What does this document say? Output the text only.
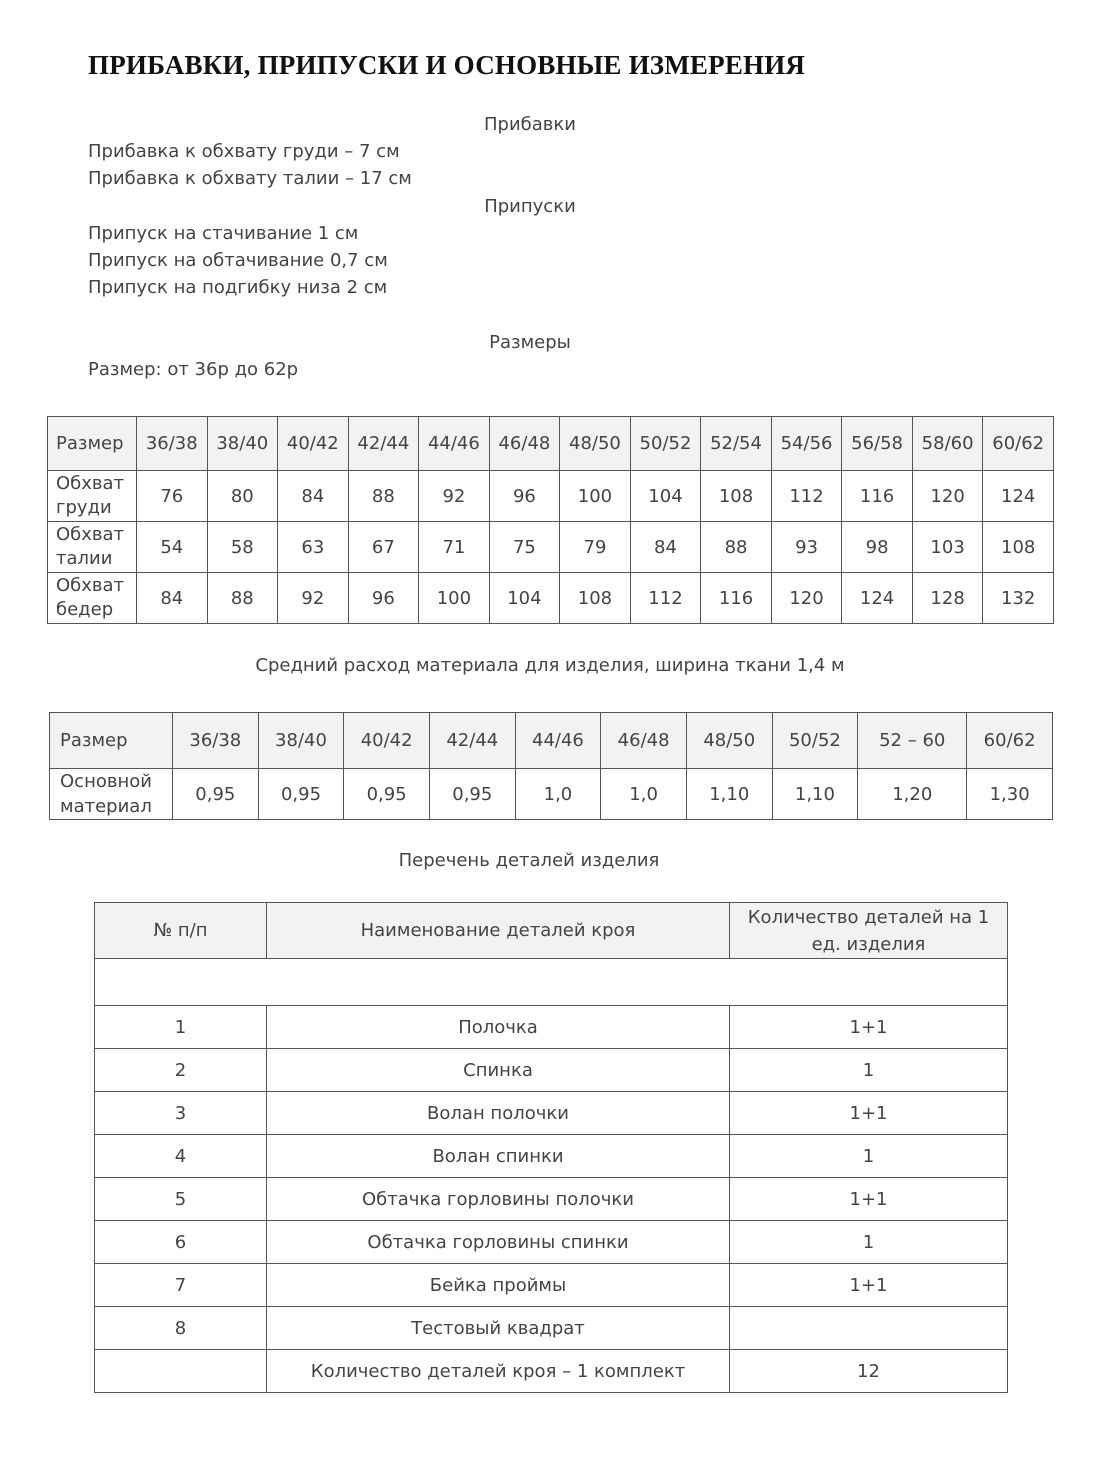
ПРИБАВКИ, ПРИПУСКИ И ОСНОВНЫЕ ИЗМЕРЕНИЯ
Прибавки
Прибавка к обхвату груди – 7 см
Прибавка к обхвату талии – 17 см
Припуски
Припуск на стачивание 1 см
Припуск на обтачивание 0,7 см
Припуск на подгибку низа 2 см
Размеры
Размер: от 36р до 62р
Размер	36/38	38/40	40/42	42/44	44/46	46/48	48/50	50/52	52/54	54/56	56/58	58/60	60/62
Обхват
груди	76	80	84	88	92	96	100	104	108	112	116	120	124
Обхват
талии	54	58	63	67	71	75	79	84	88	93	98	103	108
Обхват
бедер	84	88	92	96	100	104	108	112	116	120	124	128	132
Средний расход материала для изделия, ширина ткани 1,4 м
Размер	36/38	38/40	40/42	42/44	44/46	46/48	48/50	50/52	52 – 60	60/62
Основной
материал	0,95	0,95	0,95	0,95	1,0	1,0	1,10	1,10	1,20	1,30
Перечень деталей изделия
№ п/п	Наименование деталей кроя	Количество деталей на 1
ед. изделия

1	Полочка	1+1
2	Спинка	1
3	Волан полочки	1+1
4	Волан спинки	1
5	Обтачка горловины полочки	1+1
6	Обтачка горловины спинки	1
7	Бейка проймы	1+1
8	Тестовый квадрат	
	Количество деталей кроя – 1 комплект	12
